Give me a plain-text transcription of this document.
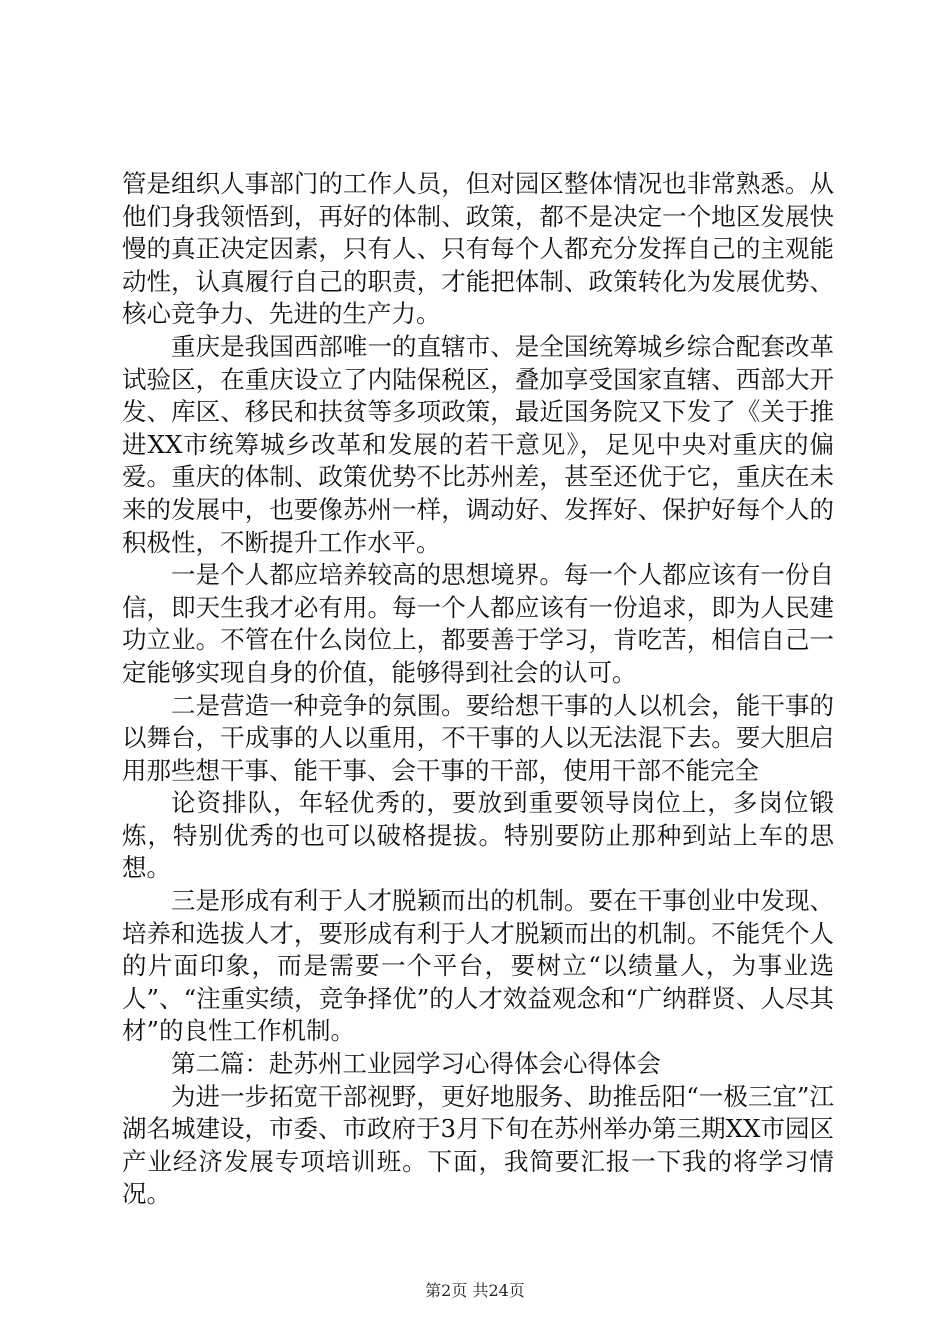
管是组织人事部门的工作人员，但对园区整体情况也非常熟悉。从他们身我领悟到，再好的体制、政策，都不是决定一个地区发展快慢的真正决定因素，只有人、只有每个人都充分发挥自己的主观能动性，认真履行自己的职责，才能把体制、政策转化为发展优势、核心竞争力、先进的生产力。

重庆是我国西部唯一的直辖市、是全国统筹城乡综合配套改革试验区，在重庆设立了内陆保税区，叠加享受国家直辖、西部大开发、库区、移民和扶贫等多项政策，最近国务院又下发了《关于推进XX市统筹城乡改革和发展的若干意见》，足见中央对重庆的偏爱。重庆的体制、政策优势不比苏州差，甚至还优于它，重庆在未来的发展中，也要像苏州一样，调动好、发挥好、保护好每个人的积极性，不断提升工作水平。

一是个人都应培养较高的思想境界。每一个人都应该有一份自信，即天生我才必有用。每一个人都应该有一份追求，即为人民建功立业。不管在什么岗位上，都要善于学习，肯吃苦，相信自己一定能够实现自身的价值，能够得到社会的认可。

二是营造一种竞争的氛围。要给想干事的人以机会，能干事的以舞台，干成事的人以重用，不干事的人以无法混下去。要大胆启用那些想干事、能干事、会干事的干部，使用干部不能完全

论资排队，年轻优秀的，要放到重要领导岗位上，多岗位锻炼，特别优秀的也可以破格提拔。特别要防止那种到站上车的思想。

三是形成有利于人才脱颖而出的机制。要在干事创业中发现、培养和选拔人才，要形成有利于人才脱颖而出的机制。不能凭个人的片面印象，而是需要一个平台，要树立“以绩量人，为事业选人”、“注重实绩，竞争择优”的人才效益观念和“广纳群贤、人尽其材”的良性工作机制。

第二篇：赴苏州工业园学习心得体会心得体会

为进一步拓宽干部视野，更好地服务、助推岳阳“一极三宜”江湖名城建设，市委、市政府于3月下旬在苏州举办第三期XX市园区产业经济发展专项培训班。下面，我简要汇报一下我的将学习情况。

第2页 共24页
